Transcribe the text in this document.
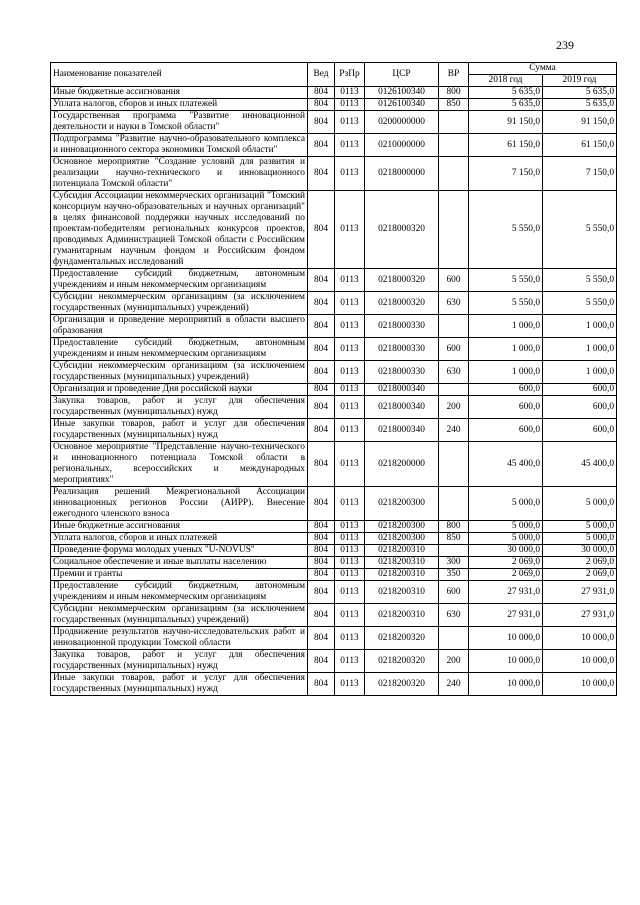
239
Наименование показателей	Вед	РзПр	ЦСР	ВР	Сумма	
					2018 год	2019 год
Иные бюджетные ассигнования	804	0113	0126100340	800	5 635,0	5 635,0
Уплата налогов, сборов и иных платежей	804	0113	0126100340	850	5 635,0	5 635,0
Государственная программа "Развитие инновационной деятельности и науки в Томской области"	804	0113	0200000000		91 150,0	91 150,0
Подпрограмма "Развитие научно-образовательного комплекса и инновационного сектора экономики Томской области"	804	0113	0210000000		61 150,0	61 150,0
Основное мероприятие "Создание условий для развития и реализации научно-технического и инновационного потенциала Томской области"	804	0113	0218000000		7 150,0	7 150,0
Субсидия Ассоциации некоммерческих организаций "Томский консорциум научно-образовательных и научных организаций" в целях финансовой поддержки научных исследований по проектам-победителям региональных конкурсов проектов, проводимых Администрацией Томской области с Российским гуманитарным научным фондом и Российским фондом фундаментальных исследований	804	0113	0218000320		5 550,0	5 550,0
Предоставление субсидий бюджетным, автономным учреждениям и иным некоммерческим организациям	804	0113	0218000320	600	5 550,0	5 550,0
Субсидии некоммерческим организациям (за исключением государственных (муниципальных) учреждений)	804	0113	0218000320	630	5 550,0	5 550,0
Организация и проведение мероприятий в области высшего образования	804	0113	0218000330		1 000,0	1 000,0
Предоставление субсидий бюджетным, автономным учреждениям и иным некоммерческим организациям	804	0113	0218000330	600	1 000,0	1 000,0
Субсидии некоммерческим организациям (за исключением государственных (муниципальных) учреждений)	804	0113	0218000330	630	1 000,0	1 000,0
Организация и проведение Дня российской науки	804	0113	0218000340		600,0	600,0
Закупка товаров, работ и услуг для обеспечения государственных (муниципальных) нужд	804	0113	0218000340	200	600,0	600,0
Иные закупки товаров, работ и услуг для обеспечения государственных (муниципальных) нужд	804	0113	0218000340	240	600,0	600,0
Основное мероприятие "Представление научно-технического и инновационного потенциала Томской области в региональных, всероссийских и международных мероприятиях"	804	0113	0218200000		45 400,0	45 400,0
Реализация решений Межрегиональной Ассоциации инновационных регионов России (АИРР). Внесение ежегодного членского взноса	804	0113	0218200300		5 000,0	5 000,0
Иные бюджетные ассигнования	804	0113	0218200300	800	5 000,0	5 000,0
Уплата налогов, сборов и иных платежей	804	0113	0218200300	850	5 000,0	5 000,0
Проведение форума молодых ученых "U-NOVUS"	804	0113	0218200310		30 000,0	30 000,0
Социальное обеспечение и иные выплаты населению	804	0113	0218200310	300	2 069,0	2 069,0
Премии и гранты	804	0113	0218200310	350	2 069,0	2 069,0
Предоставление субсидий бюджетным, автономным учреждениям и иным некоммерческим организациям	804	0113	0218200310	600	27 931,0	27 931,0
Субсидии некоммерческим организациям (за исключением государственных (муниципальных) учреждений)	804	0113	0218200310	630	27 931,0	27 931,0
Продвижение результатов научно-исследовательских работ и инновационной продукции Томской области	804	0113	0218200320		10 000,0	10 000,0
Закупка товаров, работ и услуг для обеспечения государственных (муниципальных) нужд	804	0113	0218200320	200	10 000,0	10 000,0
Иные закупки товаров, работ и услуг для обеспечения государственных (муниципальных) нужд	804	0113	0218200320	240	10 000,0	10 000,0
